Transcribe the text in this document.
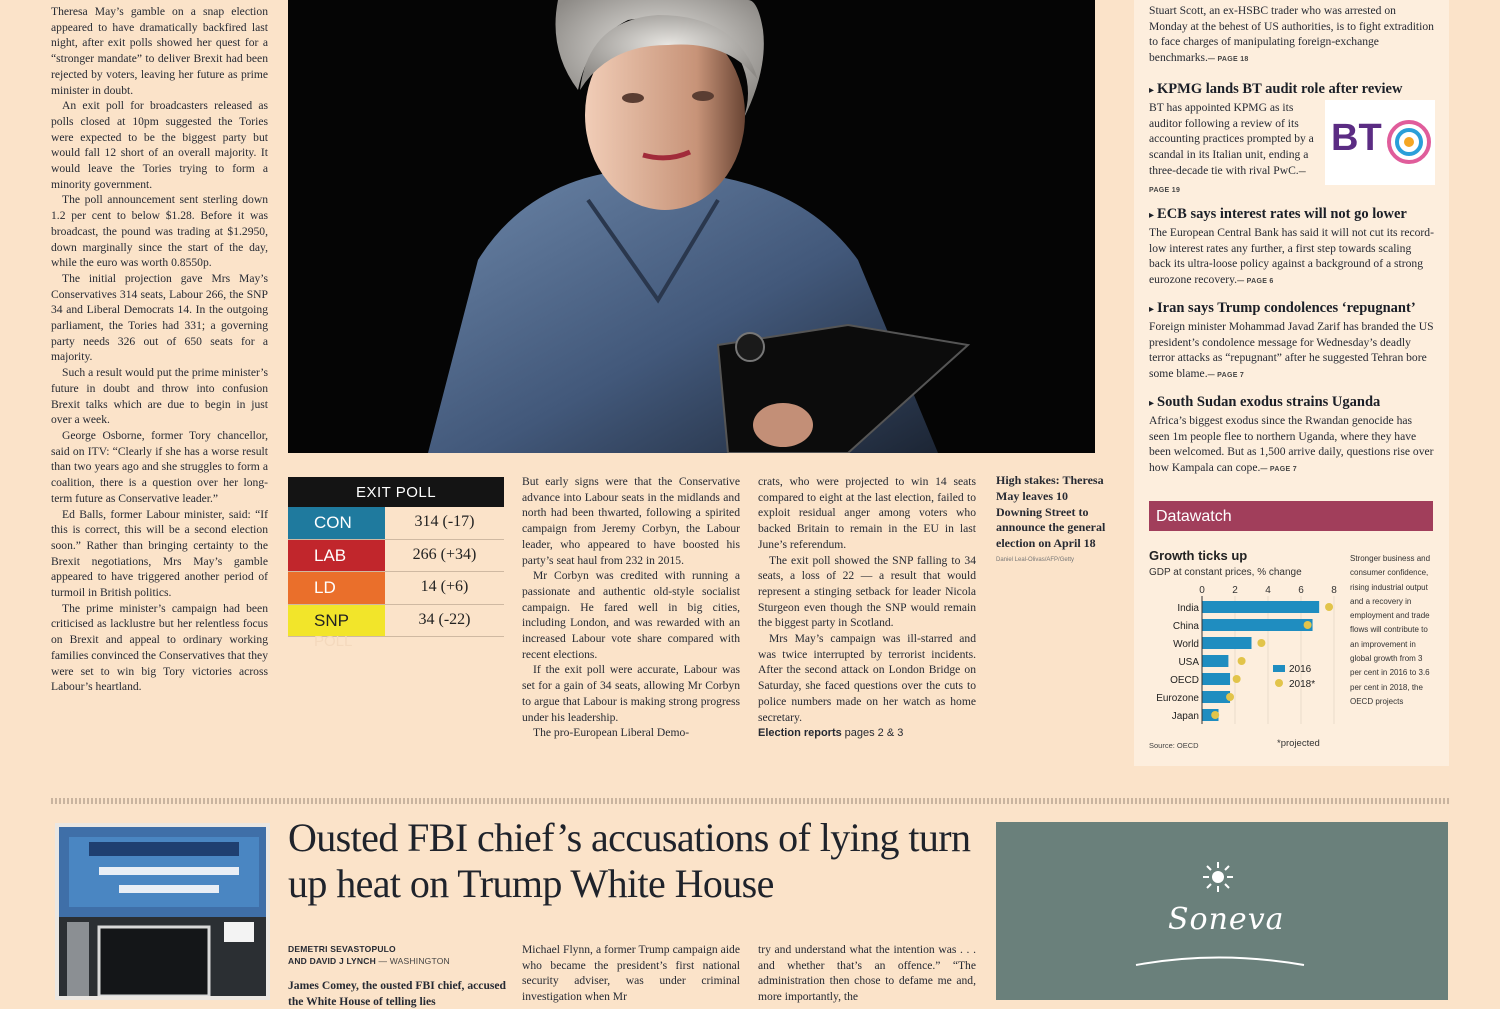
Theresa May’s gamble on a snap election appeared to have dramatically backfired last night, after exit polls showed her quest for a “stronger mandate” to deliver Brexit had been rejected by voters, leaving her future as prime minister in doubt.

An exit poll for broadcasters released as polls closed at 10pm suggested the Tories were expected to be the biggest party but would fall 12 short of an overall majority. It would leave the Tories trying to form a minority government.

The poll announcement sent sterling down 1.2 per cent to below $1.28. Before it was broadcast, the pound was trading at $1.2950, down marginally since the start of the day, while the euro was worth 0.8550p.

The initial projection gave Mrs May’s Conservatives 314 seats, Labour 266, the SNP 34 and Liberal Democrats 14. In the outgoing parliament, the Tories had 331; a governing party needs 326 out of 650 seats for a majority.

Such a result would put the prime minister’s future in doubt and throw into confusion Brexit talks which are due to begin in just over a week.

George Osborne, former Tory chancellor, said on ITV: “Clearly if she has a worse result than two years ago and she struggles to form a coalition, there is a question over her long-term future as Conservative leader.”

Ed Balls, former Labour minister, said: “If this is correct, this will be a second election soon.” Rather than bringing certainty to the Brexit negotiations, Mrs May’s gamble appeared to have triggered another period of turmoil in British politics.

The prime minister’s campaign had been criticised as lacklustre but her relentless focus on Brexit and appeal to ordinary working families convinced the Conservatives that they were set to win big Tory victories across Labour’s heartland.

EXIT POLL
CON	314 (-17)
LAB	266 (+34)
LD	14 (+6)
SNP	34 (-22)
POLL

But early signs were that the Conservative advance into Labour seats in the midlands and north had been thwarted, following a spirited campaign from Jeremy Corbyn, the Labour leader, who appeared to have boosted his party’s seat haul from 232 in 2015.

Mr Corbyn was credited with running a passionate and authentic old-style socialist campaign. He fared well in big cities, including London, and was rewarded with an increased Labour vote share compared with recent elections.

If the exit poll were accurate, Labour was set for a gain of 34 seats, allowing Mr Corbyn to argue that Labour is making strong progress under his leadership.

The pro-European Liberal Demo-

crats, who were projected to win 14 seats compared to eight at the last election, failed to exploit residual anger among voters who backed Britain to remain in the EU in last June’s referendum.

The exit poll showed the SNP falling to 34 seats, a loss of 22 — a result that would represent a stinging setback for leader Nicola Sturgeon even though the SNP would remain the biggest party in Scotland.

Mrs May’s campaign was ill-starred and was twice interrupted by terrorist incidents. After the second attack on London Bridge on Saturday, she faced questions over the cuts to police numbers made on her watch as home secretary.

Election reports pages 2 & 3

High stakes: Theresa May leaves 10 Downing Street to announce the general election on April 18
Daniel Leal-Olivas/AFP/Getty
Stuart Scott, an ex-HSBC trader who was arrested on Monday at the behest of US authorities, is to fight extradition to face charges of manipulating foreign-exchange benchmarks.— PAGE 18
▸ KPMG lands BT audit role after review
BT has appointed KPMG as its auditor following a review of its accounting practices prompted by a scandal in its Italian unit, ending a three-decade tie with rival PwC.— PAGE 19
BT
▸ ECB says interest rates will not go lower
The European Central Bank has said it will not cut its record-low interest rates any further, a first step towards scaling back its ultra-loose policy against a background of a strong eurozone recovery.— PAGE 6
▸ Iran says Trump condolences ‘repugnant’
Foreign minister Mohammad Javad Zarif has branded the US president’s condolence message for Wednesday’s deadly terror attacks as “repugnant” after he suggested Tehran bore some blame.— PAGE 7
▸ South Sudan exodus strains Uganda
Africa’s biggest exodus since the Rwandan genocide has seen 1m people flee to northern Uganda, where they have been welcomed. But as 1,500 arrive daily, questions rise over how Kampala can cope.— PAGE 7
Datawatch
Growth ticks up
GDP at constant prices, % change
0	2	4	6	8
India
China
World
USA
OECD
Eurozone
Japan
2016
2018*
Source: OECD	*projected
Stronger business and consumer confidence, rising industrial output and a recovery in employment and trade flows will contribute to an improvement in global growth from 3 per cent in 2016 to 3.6 per cent in 2018, the OECD projects
Ousted FBI chief’s accusations of lying turn up heat on Trump White House
DEMETRI SEVASTOPULO
AND DAVID J LYNCH — WASHINGTON

James Comey, the ousted FBI chief, accused the White House of telling lies

Michael Flynn, a former Trump campaign aide who became the president’s first national security adviser, was under criminal investigation when Mr

try and understand what the intention was . . . and whether that’s an offence.” “The administration then chose to defame me and, more importantly, the

Soneva
